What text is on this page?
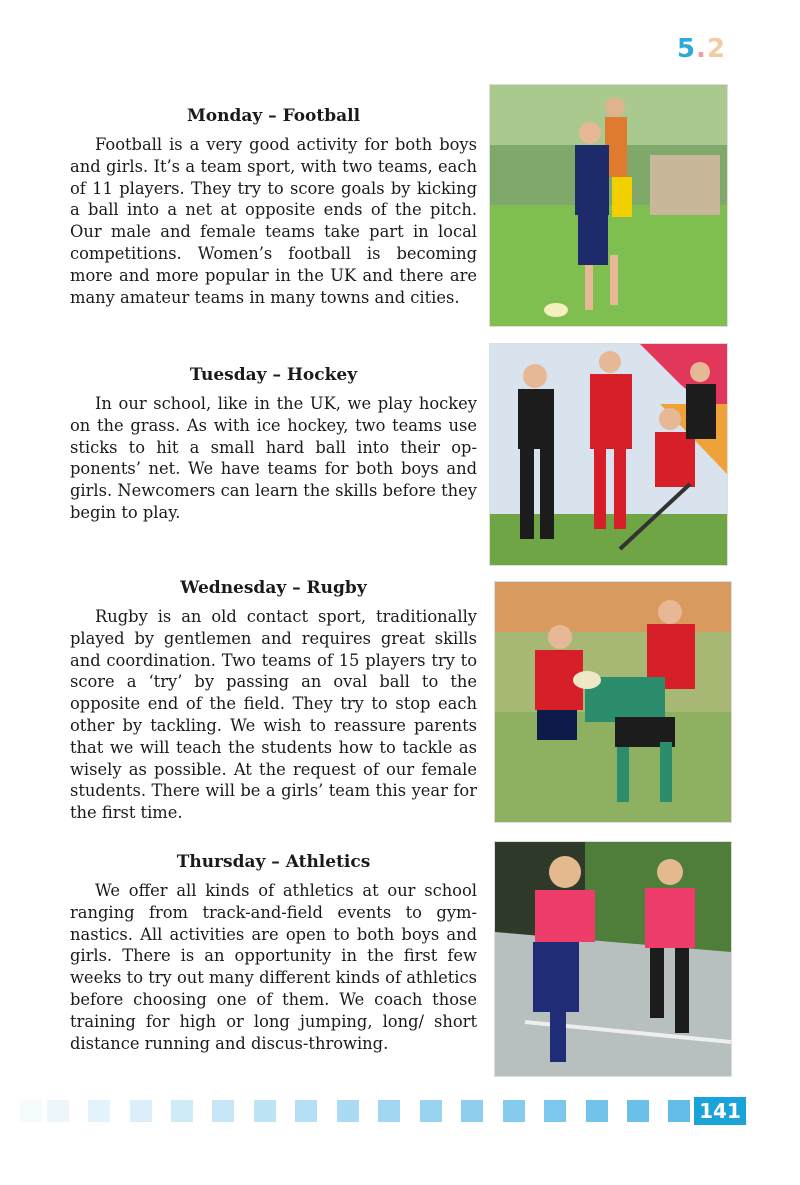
5.2
Monday – Football

Football is a very good activity for both boys and girls. It’s a team sport, with two teams, each of 11 players. They try to score goals by kicking a ball into a net at opposite ends of the pitch. Our male and female teams take part in local competitions. Women’s football is becoming more and more popular in the UK and there are many amateur teams in many towns and cities.

Tuesday – Hockey

In our school, like in the UK, we play hockey on the grass. As with ice hockey, two teams use sticks to hit a small hard ball into their opponents’ net. We have teams for both boys and girls. Newcomers can learn the skills before they begin to play.

Wednesday – Rugby

Rugby is an old contact sport, traditionally played by gentlemen and requires great skills and coordination. Two teams of 15 players try to score a ‘try’ by passing an oval ball to the opposite end of the field. They try to stop each other by tackling. We wish to reassure parents that we will teach the students how to tackle as wisely as possible. At the request of our female students. There will be a girls’ team this year for the first time.

Thursday – Athletics

We offer all kinds of athletics at our school ranging from track-and-field events to gymnastics. All activities are open to both boys and girls. There is an opportunity in the first few weeks to try out many different kinds of athletics before choosing one of them. We coach those training for high or long jumping, long/ short distance running and discus-throwing.

141
